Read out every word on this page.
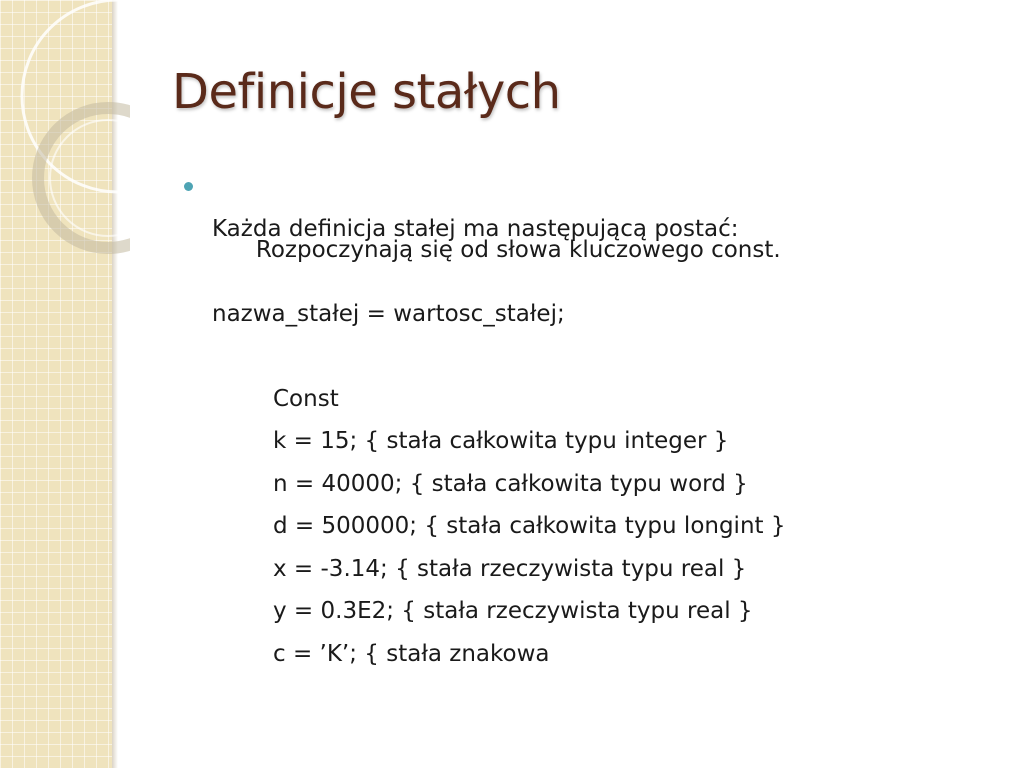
Definicje stałych

Rozpoczynają się od słowa kluczowego const.

Każda definicja stałej ma następującą postać:
nazwa_stałej = wartosc_stałej;
Const
k = 15; { stała całkowita typu integer }
n = 40000; { stała całkowita typu word }
d = 500000; { stała całkowita typu longint }
x = -3.14; { stała rzeczywista typu real }
y = 0.3E2; { stała rzeczywista typu real }
c = ’K’; { stała znakowa
